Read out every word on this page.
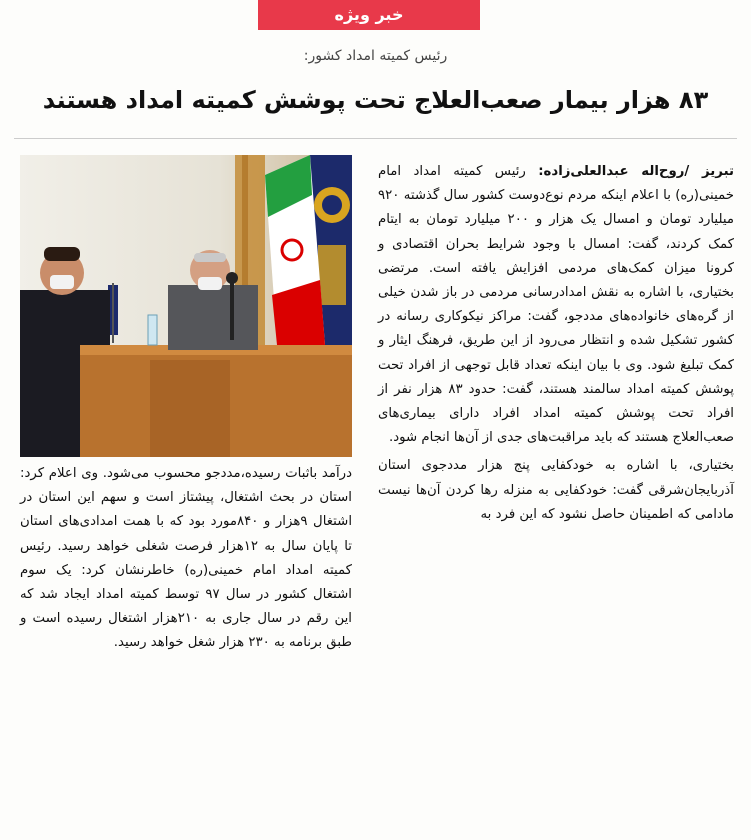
خبر ویژه
رئیس کمیته امداد کشور:
۸۳ هزار بیمار صعب‌العلاج تحت پوشش کمیته امداد هستند

تبریز /روح‌اله عبدالعلی‌زاده: رئیس کمیته امداد امام خمینی(ره) با اعلام اینکه مردم نوع‌دوست کشور سال گذشته ۹۲۰ میلیارد تومان و امسال یک هزار و ۲۰۰ میلیارد تومان به ایتام کمک کردند، گفت: امسال با وجود شرایط بحران اقتصادی و کرونا میزان کمک‌های مردمی افزایش یافته است. مرتضی بختیاری، با اشاره به نقش امدادرسانی مردمی در باز شدن خیلی از گره‌های خانواده‌های مددجو، گفت: مراکز نیکوکاری رسانه در کشور تشکیل شده و انتظار می‌رود از این طریق، فرهنگ ایثار و کمک تبلیغ شود. وی با بیان اینکه تعداد قابل توجهی از افراد تحت پوشش کمیته امداد سالمند هستند، گفت: حدود ۸۳ هزار نفر از افراد تحت پوشش کمیته امداد افراد دارای بیماری‌های صعب‌العلاج هستند که باید مراقبت‌های جدی از آن‌ها انجام شود.

بختیاری، با اشاره به خودکفایی پنج هزار مددجوی استان آذربایجان‌شرقی گفت: خودکفایی به منزله رها کردن آن‌ها نیست مادامی که اطمینان حاصل نشود که این فرد به

درآمد باثبات رسیده،مددجو محسوب می‌شود. وی اعلام کرد: استان در بحث اشتغال، پیشتاز است و سهم این استان در اشتغال ۹هزار و ۸۴۰مورد بود که با همت امدادی‌های استان تا پایان سال به ۱۲هزار فرصت شغلی خواهد رسید. رئیس کمیته امداد امام خمینی(ره) خاطرنشان کرد: یک سوم اشتغال کشور در سال ۹۷ توسط کمیته امداد ایجاد شد که این رقم در سال جاری به ۲۱۰هزار اشتغال رسیده است و طبق برنامه به ۲۳۰ هزار شغل خواهد رسید.
